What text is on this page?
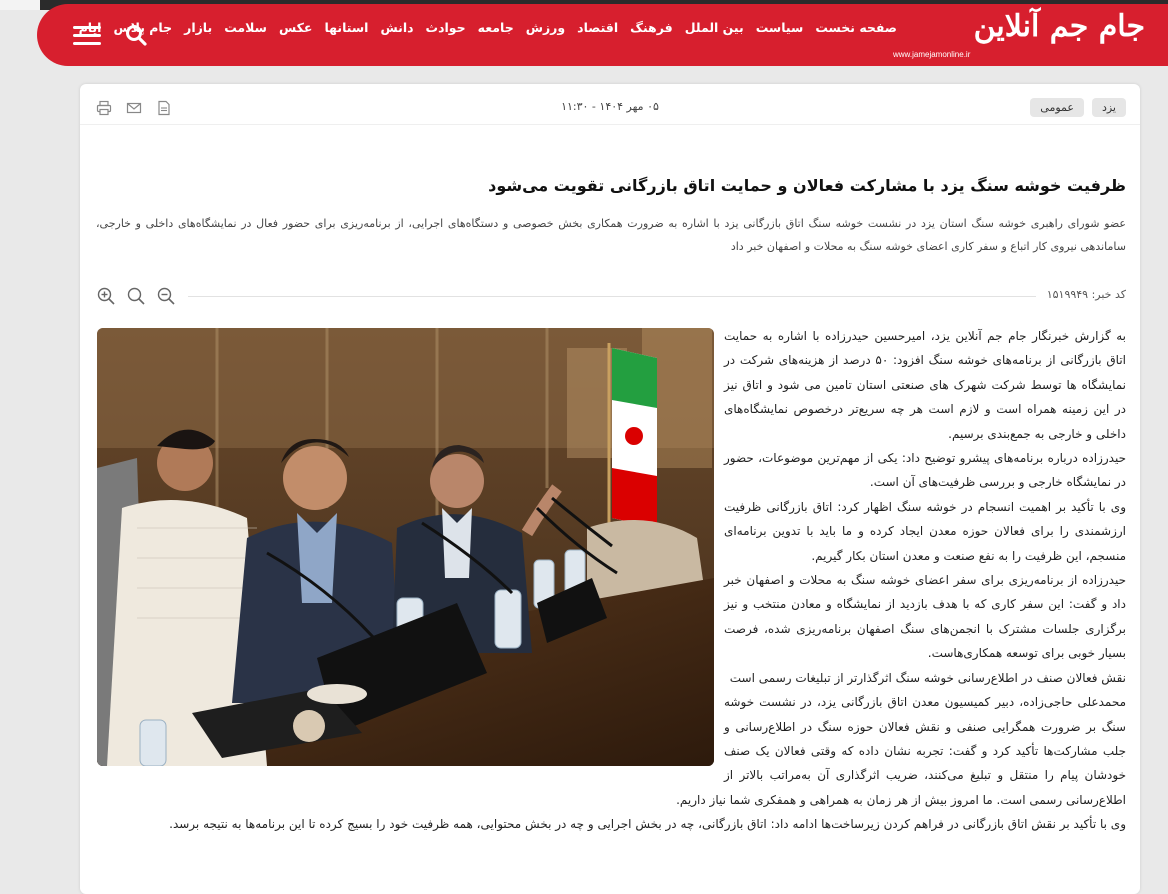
صفحه نخست
سیاست
بین الملل
فرهنگ
اقتصاد
ورزش
جامعه
حوادث
دانش
استانها
عکس
سلامت
بازار
جام پلاس
ایام	جام جم آنلاین
www.jamejamonline.ir
یزد
عمومی
۰۵ مهر ۱۴۰۴ - ۱۱:۳۰
ظرفیت خوشه سنگ یزد با مشارکت فعالان و حمایت اتاق بازرگانی تقویت می‌شود
عضو شورای راهبری خوشه سنگ استان یزد در نشست خوشه سنگ اتاق بازرگانی یزد با اشاره به ضرورت همکاری بخش خصوصی و دستگاه‌های اجرایی، از برنامه‌ریزی برای حضور فعال در نمایشگاه‌های داخلی و خارجی، ساماندهی نیروی کار اتباع و سفر کاری اعضای خوشه سنگ به محلات و اصفهان خبر داد
کد خبر: ۱۵۱۹۹۴۹

به گزارش خبرنگار جام جم آنلاین یزد، امیرحسین حیدرزاده با اشاره به حمایت اتاق بازرگانی از برنامه‌های خوشه سنگ افزود: ۵۰ درصد از هزینه‌های شرکت در نمایشگاه ها توسط شرکت شهرک های صنعتی استان تامین می شود و اتاق نیز در این زمینه همراه است و لازم است هر چه سریع‌تر درخصوص نمایشگاه‌های داخلی و خارجی به جمع‌بندی برسیم.

حیدرزاده درباره برنامه‌های پیشرو توضیح داد: یکی از مهم‌ترین موضوعات، حضور در نمایشگاه خارجی و بررسی ظرفیت‌های آن است.

وی با تأکید بر اهمیت انسجام در خوشه سنگ اظهار کرد: اتاق بازرگانی ظرفیت ارزشمندی را برای فعالان حوزه معدن ایجاد کرده و ما باید با تدوین برنامه‌ای منسجم، این ظرفیت را به نفع صنعت و معدن استان بکار گیریم.

حیدرزاده از برنامه‌ریزی برای سفر اعضای خوشه سنگ به محلات و اصفهان خبر داد و گفت: این سفر کاری که با هدف بازدید از نمایشگاه و معادن منتخب و نیز برگزاری جلسات مشترک با انجمن‌های سنگ اصفهان برنامه‌ریزی شده، فرصت بسیار خوبی برای توسعه همکاری‌هاست.

نقش فعالان صنف در اطلاع‌رسانی خوشه سنگ اثرگذارتر از تبلیغات رسمی است

محمدعلی حاجی‌زاده، دبیر کمیسیون معدن اتاق بازرگانی یزد، در نشست خوشه سنگ بر ضرورت همگرایی صنفی و نقش فعالان حوزه سنگ در اطلاع‌رسانی و جلب مشارکت‌ها تأکید کرد و گفت: تجربه نشان داده که وقتی فعالان یک صنف خودشان پیام را منتقل و تبلیغ می‌کنند، ضریب اثرگذاری آن به‌مراتب بالاتر از اطلاع‌رسانی رسمی است. ما امروز بیش از هر زمان به همراهی و همفکری شما نیاز داریم.

وی با تأکید بر نقش اتاق بازرگانی در فراهم کردن زیرساخت‌ها ادامه داد: اتاق بازرگانی، چه در بخش اجرایی و چه در بخش محتوایی، همه ظرفیت خود را بسیج کرده تا این برنامه‌ها به نتیجه برسد.
